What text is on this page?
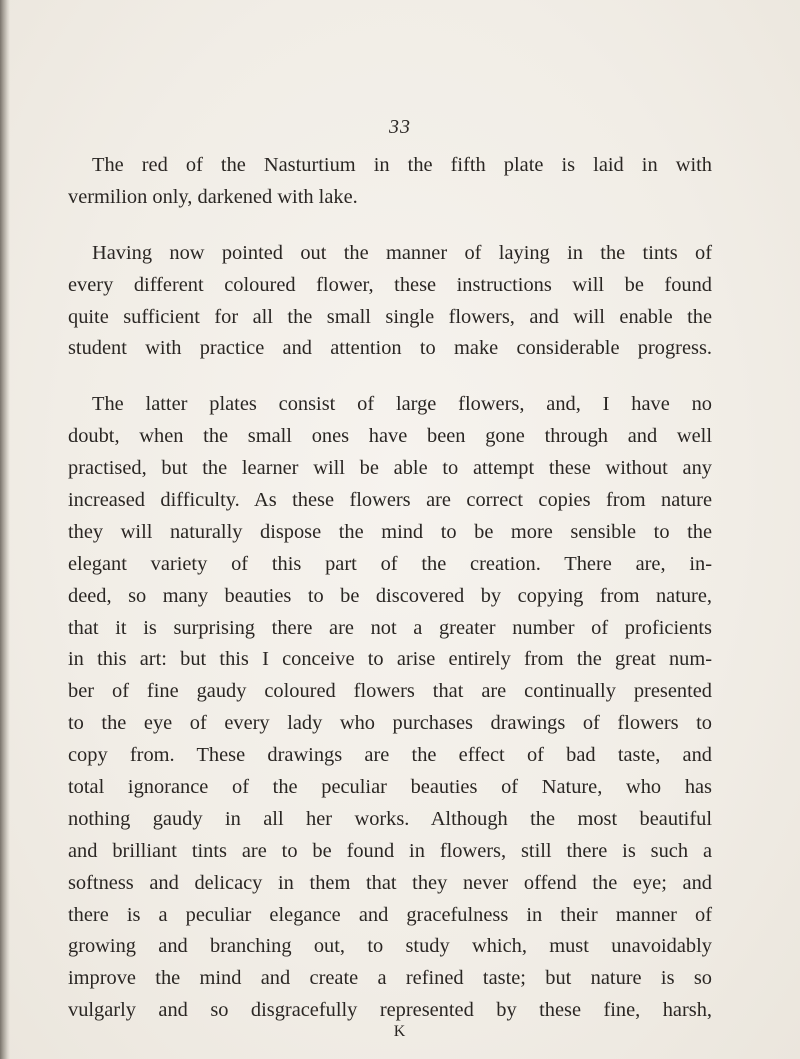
33
The red of the Nasturtium in the fifth plate is laid in with
vermilion only, darkened with lake.
Having now pointed out the manner of laying in the tints of
every different coloured flower, these instructions will be found
quite sufficient for all the small single flowers, and will enable the
student with practice and attention to make considerable progress.
The latter plates consist of large flowers, and, I have no
doubt, when the small ones have been gone through and well
practised, but the learner will be able to attempt these without any
increased difficulty. As these flowers are correct copies from nature
they will naturally dispose the mind to be more sensible to the
elegant variety of this part of the creation. There are, in-
deed, so many beauties to be discovered by copying from nature,
that it is surprising there are not a greater number of proficients
in this art: but this I conceive to arise entirely from the great num-
ber of fine gaudy coloured flowers that are continually presented
to the eye of every lady who purchases drawings of flowers to
copy from. These drawings are the effect of bad taste, and
total ignorance of the peculiar beauties of Nature, who has
nothing gaudy in all her works. Although the most beautiful
and brilliant tints are to be found in flowers, still there is such a
softness and delicacy in them that they never offend the eye; and
there is a peculiar elegance and gracefulness in their manner of
growing and branching out, to study which, must unavoidably
improve the mind and create a refined taste; but nature is so
vulgarly and so disgracefully represented by these fine, harsh,
K
